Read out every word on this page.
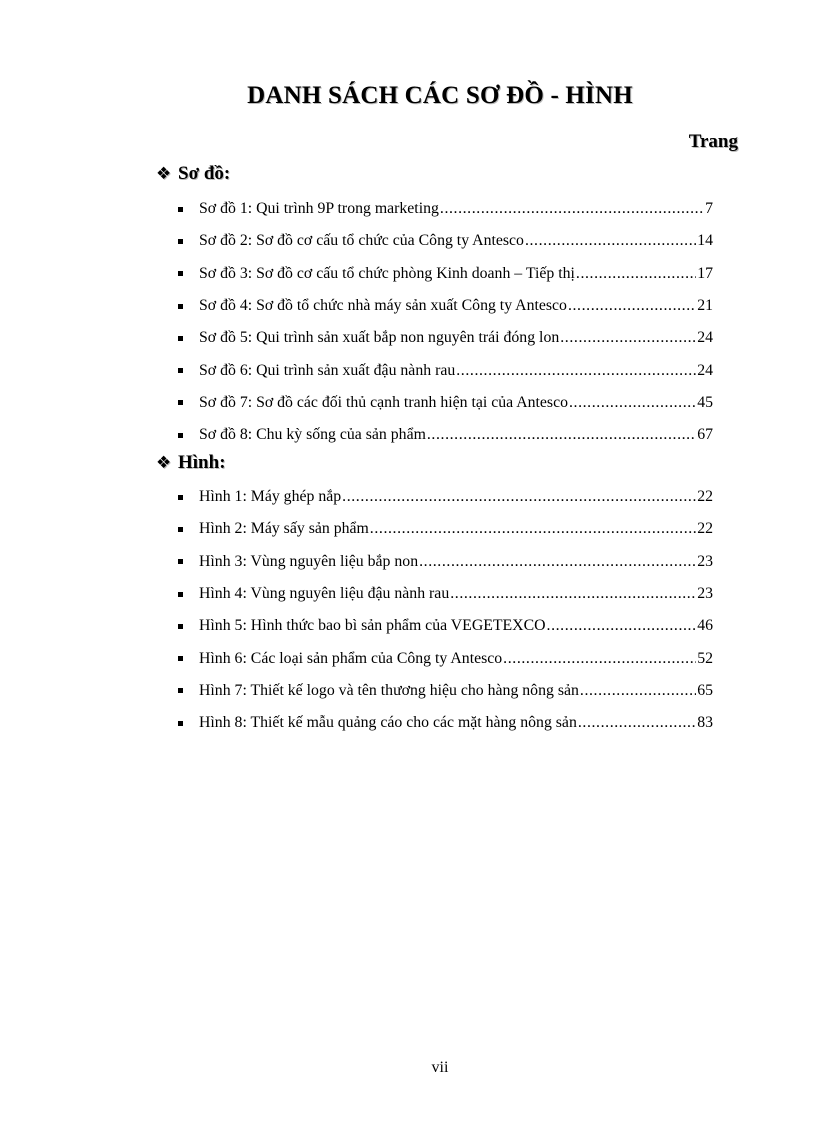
DANH SÁCH CÁC SƠ ĐỒ - HÌNH
Trang
❖ Sơ đồ:
Sơ đồ 1: Qui trình 9P trong marketing .....	7
Sơ đồ 2: Sơ đồ cơ cấu tổ chức của Công ty Antesco .....	14
Sơ đồ 3: Sơ đồ cơ cấu tổ chức phòng Kinh doanh – Tiếp thị .....	17
Sơ đồ 4: Sơ đồ tổ chức nhà máy sản xuất Công ty Antesco .....	21
Sơ đồ 5: Qui trình sản xuất bắp non nguyên trái đóng lon .....	24
Sơ đồ 6: Qui trình sản xuất đậu nành rau .....	24
Sơ đồ 7: Sơ đồ các đối thủ cạnh tranh hiện tại của Antesco .....	45
Sơ đồ 8: Chu kỳ sống của sản phẩm .....	67
❖ Hình:
Hình 1: Máy ghép nắp .....	22
Hình 2: Máy sấy sản phẩm .....	22
Hình 3: Vùng nguyên liệu bắp non .....	23
Hình 4: Vùng nguyên liệu đậu nành rau .....	23
Hình 5: Hình thức bao bì sản phẩm của VEGETEXCO .....	46
Hình 6: Các loại sản phẩm của Công ty Antesco .....	52
Hình 7: Thiết kế logo và tên thương hiệu cho hàng nông sản .....	65
Hình 8: Thiết kế mẫu quảng cáo cho các mặt hàng nông sản .....	83
vii
